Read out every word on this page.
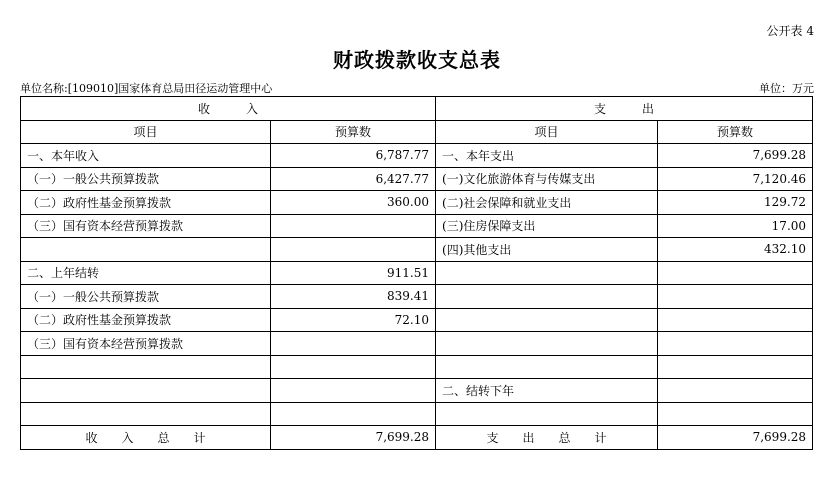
公开表 4
财政拨款收支总表
单位名称:[109010]国家体育总局田径运动管理中心	单位：万元
收　　　入		支　　　出	
项目	预算数	项目	预算数
一、本年收入	6,787.77	一、本年支出	7,699.28
（一）一般公共预算拨款	6,427.77	(一)文化旅游体育与传媒支出	7,120.46
（二）政府性基金预算拨款	360.00	(二)社会保障和就业支出	129.72
（三）国有资本经营预算拨款		(三)住房保障支出	17.00
		(四)其他支出	432.10
二、上年结转	911.51		
（一）一般公共预算拨款	839.41		
（二）政府性基金预算拨款	72.10		
（三）国有资本经营预算拨款			

		二、结转下年	

收　　入　　总　　计	7,699.28	支　　出　　总　　计	7,699.28
